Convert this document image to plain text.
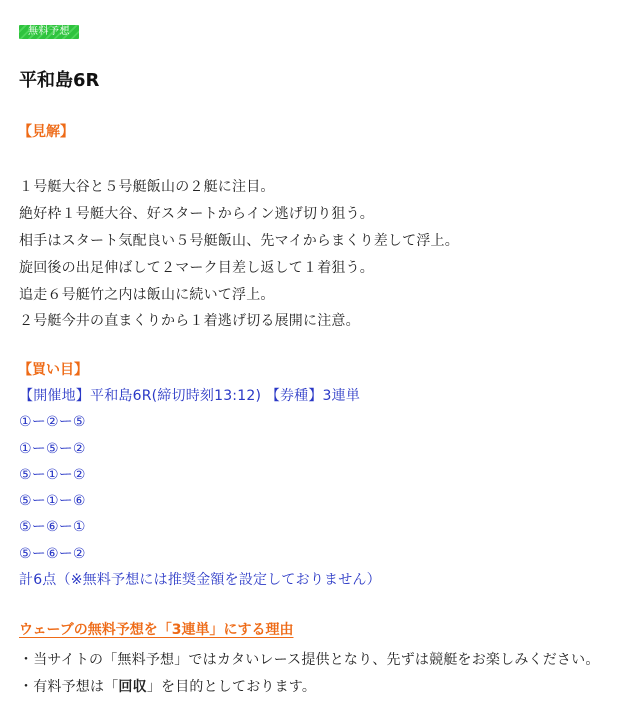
無料予想
平和島6R

【見解】

１号艇大谷と５号艇飯山の２艇に注目。

絶好枠１号艇大谷、好スタートからイン逃げ切り狙う。

相手はスタート気配良い５号艇飯山、先マイからまくり差して浮上。

旋回後の出足伸ばして２マーク目差し返して１着狙う。

追走６号艇竹之内は飯山に続いて浮上。

２号艇今井の直まくりから１着逃げ切る展開に注意。

【買い目】

【開催地】平和島6R(締切時刻13:12) 【券種】3連単

①ー②ー⑤

①ー⑤ー②

⑤ー①ー②

⑤ー①ー⑥

⑤ー⑥ー①

⑤ー⑥ー②

計6点（※無料予想には推奨金額を設定しておりません）

ウェーブの無料予想を「3連単」にする理由

・当サイトの「無料予想」ではカタいレース提供となり、先ずは競艇をお楽しみください。

・有料予想は「回収」を目的としております。
